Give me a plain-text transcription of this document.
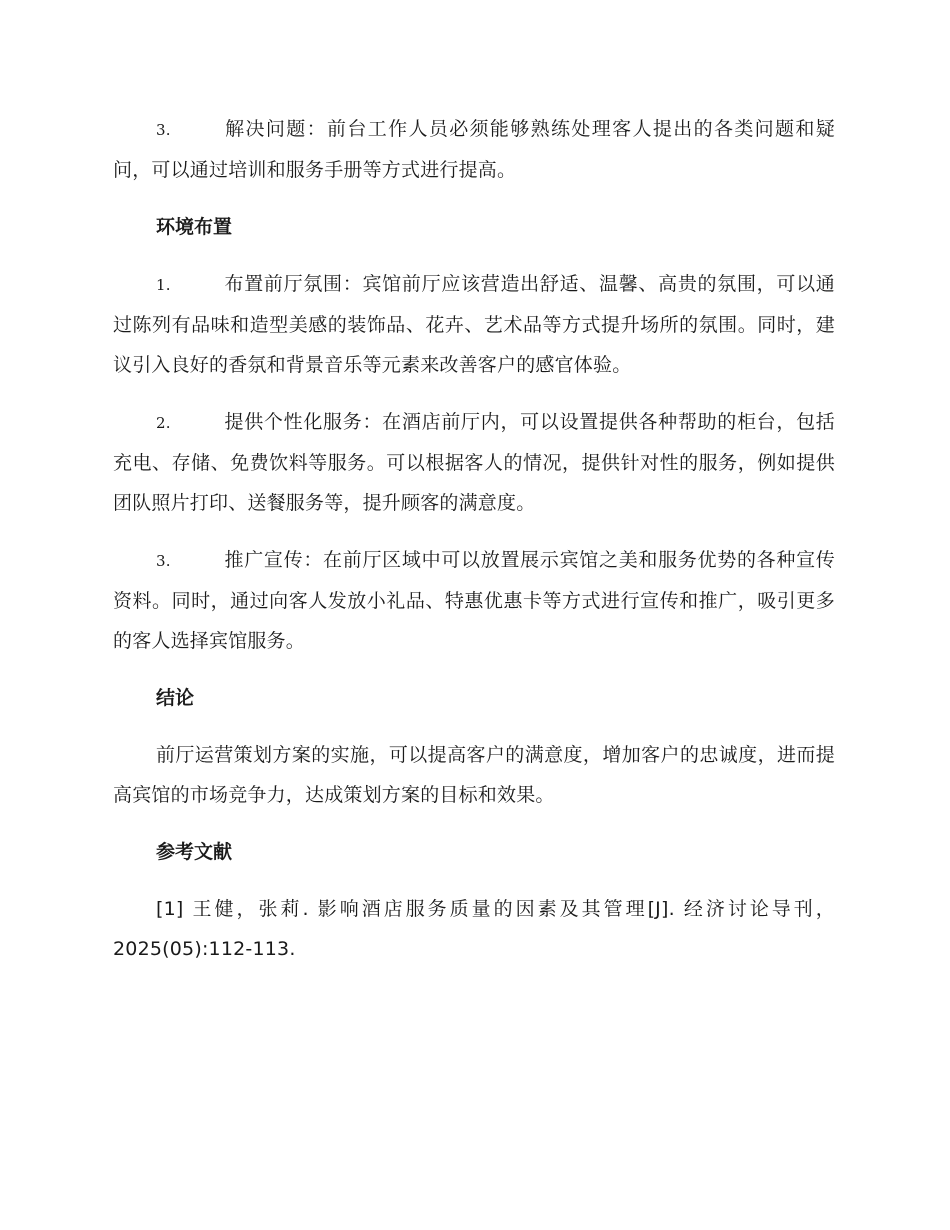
3.	解决问题：前台工作人员必须能够熟练处理客人提出的各类问题和疑问，可以通过培训和服务手册等方式进行提高。

环境布置

1.	布置前厅氛围：宾馆前厅应该营造出舒适、温馨、高贵的氛围，可以通过陈列有品味和造型美感的装饰品、花卉、艺术品等方式提升场所的氛围。同时，建议引入良好的香氛和背景音乐等元素来改善客户的感官体验。

2.	提供个性化服务：在酒店前厅内，可以设置提供各种帮助的柜台，包括充电、存储、免费饮料等服务。可以根据客人的情况，提供针对性的服务，例如提供团队照片打印、送餐服务等，提升顾客的满意度。

3.	推广宣传：在前厅区域中可以放置展示宾馆之美和服务优势的各种宣传资料。同时，通过向客人发放小礼品、特惠优惠卡等方式进行宣传和推广，吸引更多的客人选择宾馆服务。

结论

前厅运营策划方案的实施，可以提高客户的满意度，增加客户的忠诚度，进而提高宾馆的市场竞争力，达成策划方案的目标和效果。

参考文献

[1] 王健，张莉. 影响酒店服务质量的因素及其管理[J]. 经济讨论导刊，2025(05):112-113.
